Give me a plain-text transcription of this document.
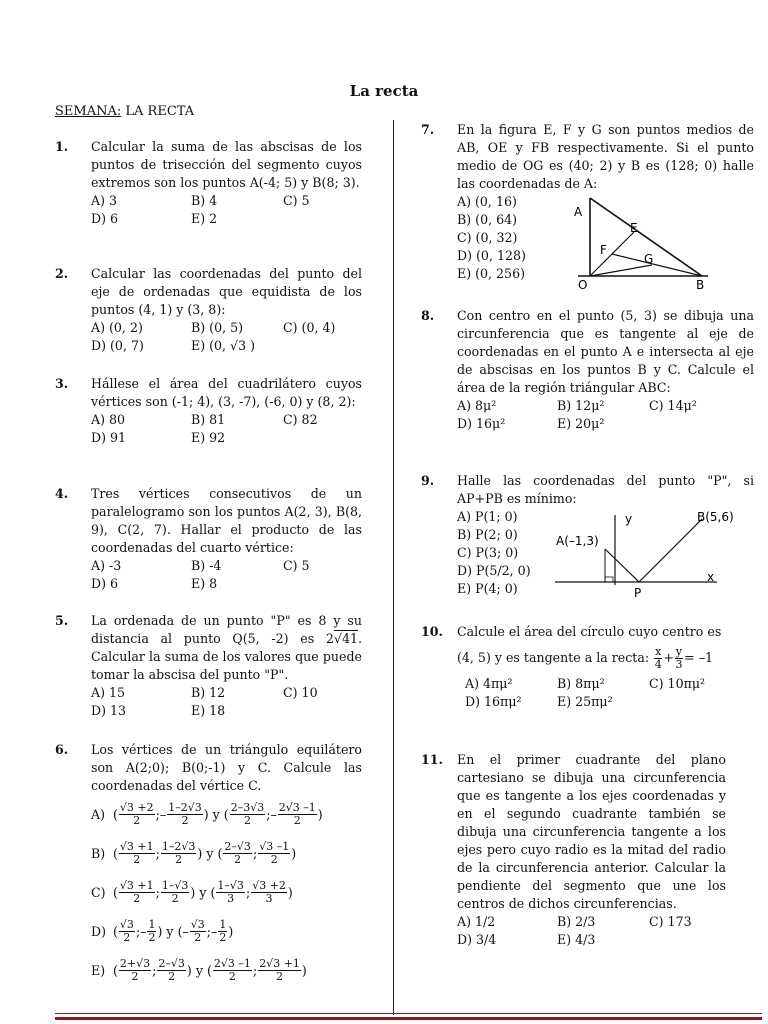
La recta
SEMANA: LA RECTA
1. Calcular la suma de las abscisas de los puntos de trisección del segmento cuyos extremos son los puntos A(-4; 5) y B(8; 3).
A) 3	B) 4	C) 5
D) 6	E) 2
2. Calcular las coordenadas del punto del eje de ordenadas que equidista de los puntos (4, 1) y (3, 8):
A) (0, 2)	B) (0, 5)	C) (0, 4)
D) (0, 7)	E) (0, √3 )
3. Hállese el área del cuadrilátero cuyos vértices son (-1; 4), (3, -7), (-6, 0) y (8, 2):
A) 80	B) 81	C) 82
D) 91	E) 92
4. Tres vértices consecutivos de un paralelogramo son los puntos A(2, 3), B(8, 9), C(2, 7). Hallar el producto de las coordenadas del cuarto vértice:
A) -3	B) -4	C) 5
D) 6	E) 8
5. La ordenada de un punto "P" es 8 y su distancia al punto Q(5, -2) es 2√41. Calcular la suma de los valores que puede tomar la abscisa del punto "P".
A) 15	B) 12	C) 10
D) 13	E) 18
6. Los vértices de un triángulo equilátero son A(2;0); B(0;-1) y C. Calcule las coordenadas del vértice C.
A) ( $\frac{√3 +2}{2}$ ;– $\frac{1-2√3}{2}$ )
y
( $\frac{2-3√3}{2}$ ;– $\frac{2√3 -1}{2}$ )
B) ( $\frac{√3 +1}{2}$ ; $\frac{1-2√3}{2}$ )
y
( $\frac{2-√3}{2}$ ; $\frac{√3 -1}{2}$ )
C) ( $\frac{√3 +1}{2}$ ; $\frac{1-√3}{2}$ )
y
( $\frac{1-√3}{3}$ ; $\frac{√3 +2}{3}$ )
D) ( $\frac{√3}{2}$ ;– $\frac{1}{2}$ )
y
( – $\frac{√3}{2}$ ;– $\frac{1}{2}$ )
E) ( $\frac{2+√3}{2}$ ; $\frac{2-√3}{2}$ )
y
( $\frac{2√3 -1}{2}$ ; $\frac{2√3 +1}{2}$ )
7. En la figura E, F y G son puntos medios de AB, OE y FB respectivamente. Si el punto medio de OG es (40; 2) y B es (128; 0) halle las coordenadas de A:
A) (0, 16)
B) (0, 64)
C) (0, 32)
D) (0, 128)
E) (0, 256)
A
E
F
G
O	B
8. Con centro en el punto (5, 3) se dibuja una circunferencia que es tangente al eje de coordenadas en el punto A e intersecta al eje de abscisas en los puntos B y C. Calcule el área de la región triángular ABC:
A) 8μ²	B) 12μ²	C) 14μ²
D) 16μ²	E) 20μ²
9. Halle las coordenadas del punto "P", si AP+PB es mínimo:
A) P(1; 0)
B) P(2; 0)
C) P(3; 0)
D) P(5/2, 0)
E) P(4; 0)
y
x
A(–1,3)
B(5,6)
P
10. Calcule el área del círculo cuyo centro es
(4, 5) y es tangente a la recta:
$\frac{x}{4} + \frac{y}{3} = -1$
A) 4πμ²	B) 8πμ²	C) 10πμ²
D) 16πμ²	E) 25πμ²
11. En el primer cuadrante del plano cartesiano se dibuja una circunferencia que es tangente a los ejes coordenadas y en el segundo cuadrante también se dibuja una circunferencia tangente a los ejes pero cuyo radio es la mitad del radio de la circunferencia anterior. Calcular la pendiente del segmento que une los centros de dichos circunferencias.
A) 1/2	B) 2/3	C) 173
D) 3/4	E) 4/3
